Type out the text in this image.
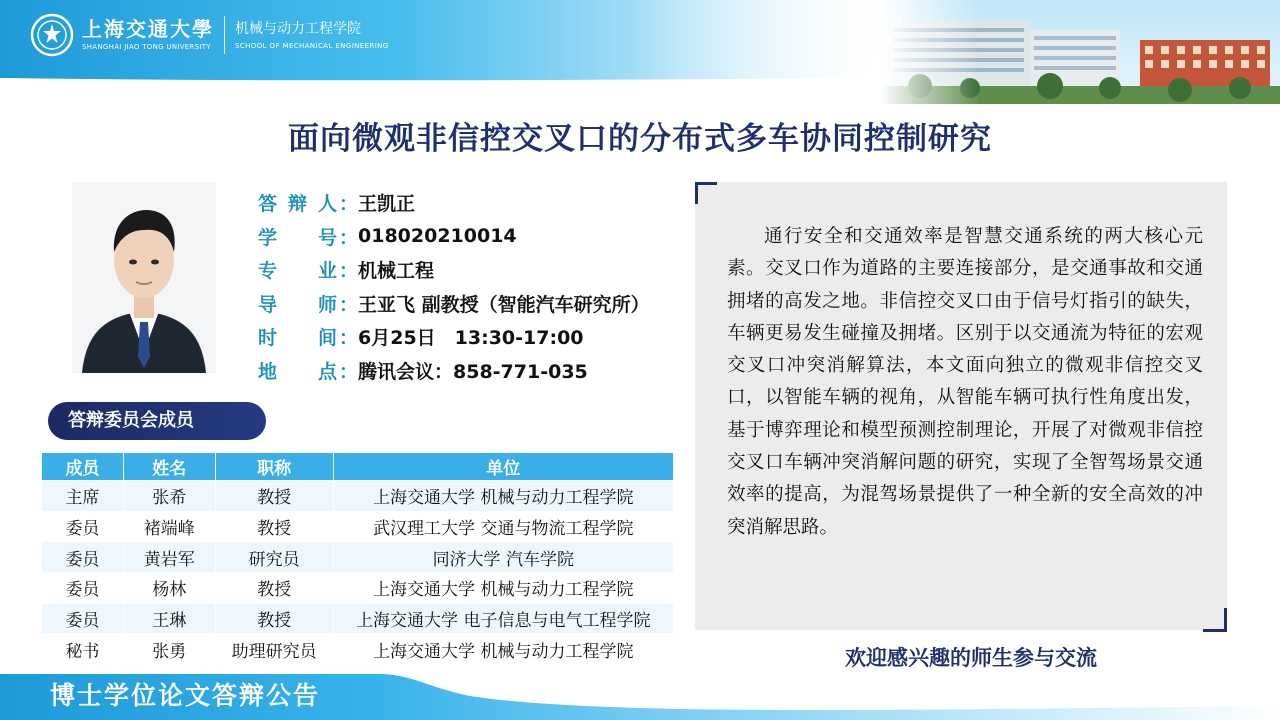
上海交通大學
SHANGHAI JIAO TONG UNIVERSITY
机械与动力工程学院
SCHOOL OF MECHANICAL ENGINEERING
面向微观非信控交叉口的分布式多车协同控制研究
答 辩 人 ： 王凯正
学 号 ： 018020210014
专 业 ： 机械工程
导 师 ： 王亚飞 副教授（智能汽车研究所）
时 间 ： 6月25日　13:30-17:00
地 点 ： 腾讯会议：858-771-035
答辩委员会成员
成员	姓名	职称	单位
主席	张希	教授	上海交通大学 机械与动力工程学院
委员	褚端峰	教授	武汉理工大学 交通与物流工程学院
委员	黄岩军	研究员	同济大学 汽车学院
委员	杨林	教授	上海交通大学 机械与动力工程学院
委员	王琳	教授	上海交通大学 电子信息与电气工程学院
秘书	张勇	助理研究员	上海交通大学 机械与动力工程学院
通行安全和交通效率是智慧交通系统的两大核心元素。交叉口作为道路的主要连接部分，是交通事故和交通拥堵的高发之地。非信控交叉口由于信号灯指引的缺失，车辆更易发生碰撞及拥堵。区别于以交通流为特征的宏观交叉口冲突消解算法，本文面向独立的微观非信控交叉口，以智能车辆的视角，从智能车辆可执行性角度出发，基于博弈理论和模型预测控制理论，开展了对微观非信控交叉口车辆冲突消解问题的研究，实现了全智驾场景交通效率的提高，为混驾场景提供了一种全新的安全高效的冲突消解思路。
欢迎感兴趣的师生参与交流
博士学位论文答辩公告
